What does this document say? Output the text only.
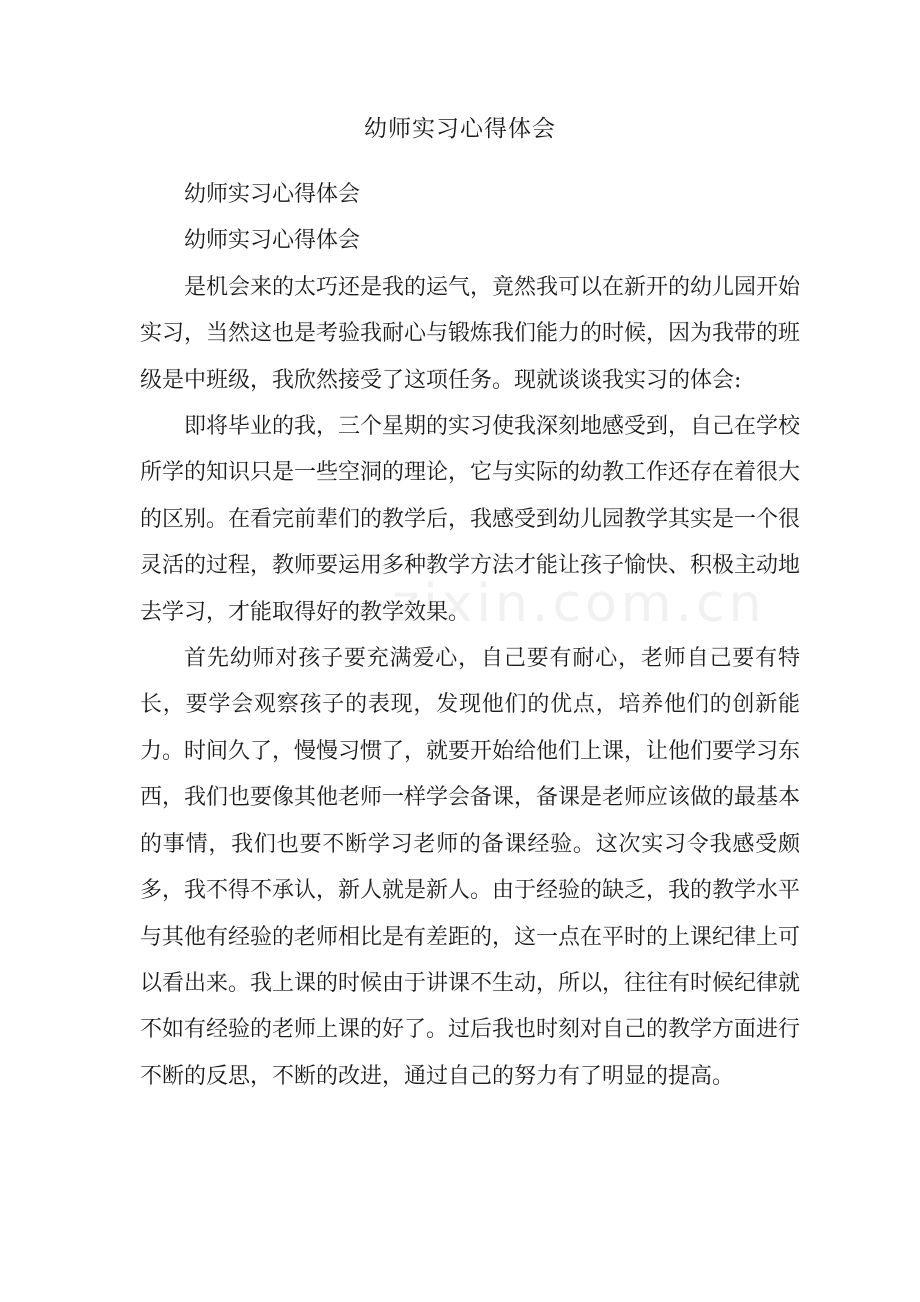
zixin.com.cn
幼师实习心得体会

幼师实习心得体会

幼师实习心得体会

是机会来的太巧还是我的运气，竟然我可以在新开的幼儿园开始实习，当然这也是考验我耐心与锻炼我们能力的时候，因为我带的班级是中班级，我欣然接受了这项任务。现就谈谈我实习的体会:

即将毕业的我，三个星期的实习使我深刻地感受到，自己在学校所学的知识只是一些空洞的理论，它与实际的幼教工作还存在着很大的区别。在看完前辈们的教学后，我感受到幼儿园教学其实是一个很灵活的过程，教师要运用多种教学方法才能让孩子愉快、积极主动地去学习，才能取得好的教学效果。

首先幼师对孩子要充满爱心，自己要有耐心，老师自己要有特长，要学会观察孩子的表现，发现他们的优点，培养他们的创新能力。时间久了，慢慢习惯了，就要开始给他们上课，让他们要学习东西，我们也要像其他老师一样学会备课，备课是老师应该做的最基本的事情，我们也要不断学习老师的备课经验。这次实习令我感受颇多，我不得不承认，新人就是新人。由于经验的缺乏，我的教学水平与其他有经验的老师相比是有差距的，这一点在平时的上课纪律上可以看出来。我上课的时候由于讲课不生动，所以，往往有时候纪律就不如有经验的老师上课的好了。过后我也时刻对自己的教学方面进行不断的反思，不断的改进，通过自己的努力有了明显的提高。
